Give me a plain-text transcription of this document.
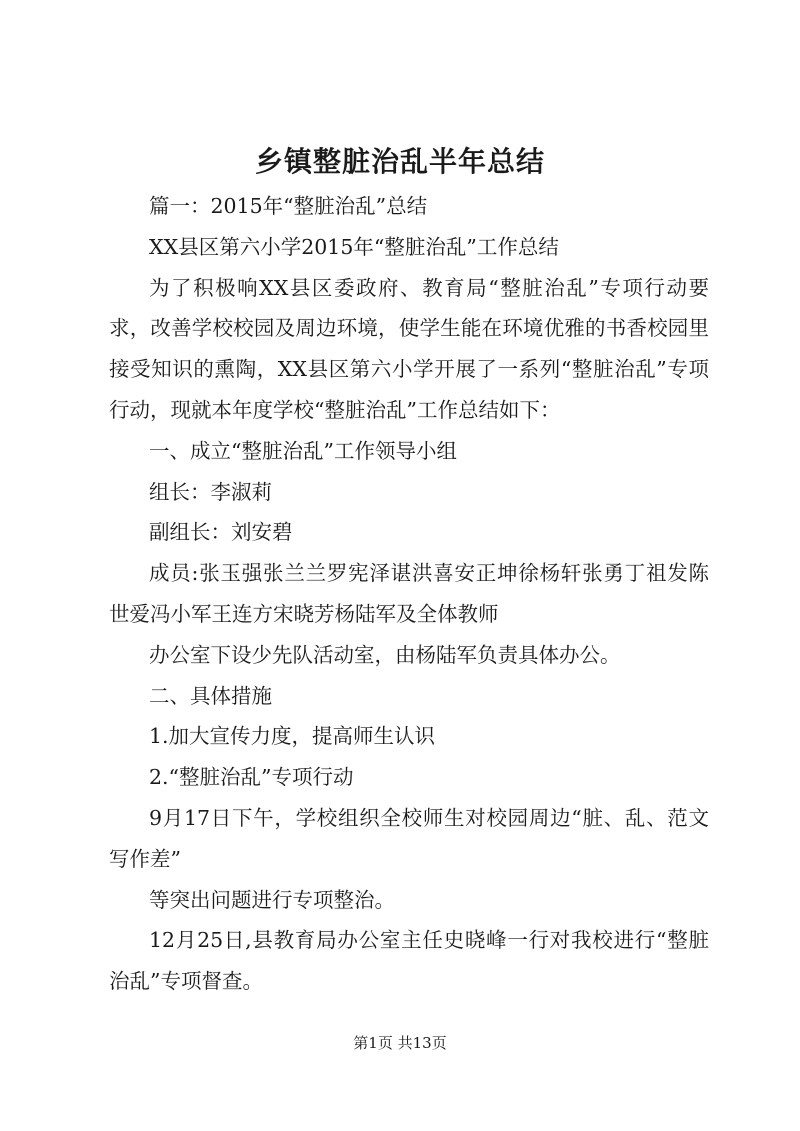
乡镇整脏治乱半年总结

篇一：2015年“整脏治乱”总结

XX县区第六小学2015年“整脏治乱”工作总结

为了积极响XX县区委政府、教育局“整脏治乱”专项行动要求，改善学校校园及周边环境，使学生能在环境优雅的书香校园里接受知识的熏陶，XX县区第六小学开展了一系列“整脏治乱”专项行动，现就本年度学校“整脏治乱”工作总结如下：

一、成立“整脏治乱”工作领导小组

组长：李淑莉

副组长：刘安碧

成员:张玉强张兰兰罗宪泽谌洪喜安正坤徐杨轩张勇丁祖发陈世爱冯小军王连方宋晓芳杨陆军及全体教师

办公室下设少先队活动室，由杨陆军负责具体办公。

二、具体措施

1.加大宣传力度，提高师生认识

2.“整脏治乱”专项行动

9月17日下午，学校组织全校师生对校园周边“脏、乱、范文写作差”

等突出问题进行专项整治。

12月25日,县教育局办公室主任史晓峰一行对我校进行“整脏治乱”专项督查。

第1页 共13页
